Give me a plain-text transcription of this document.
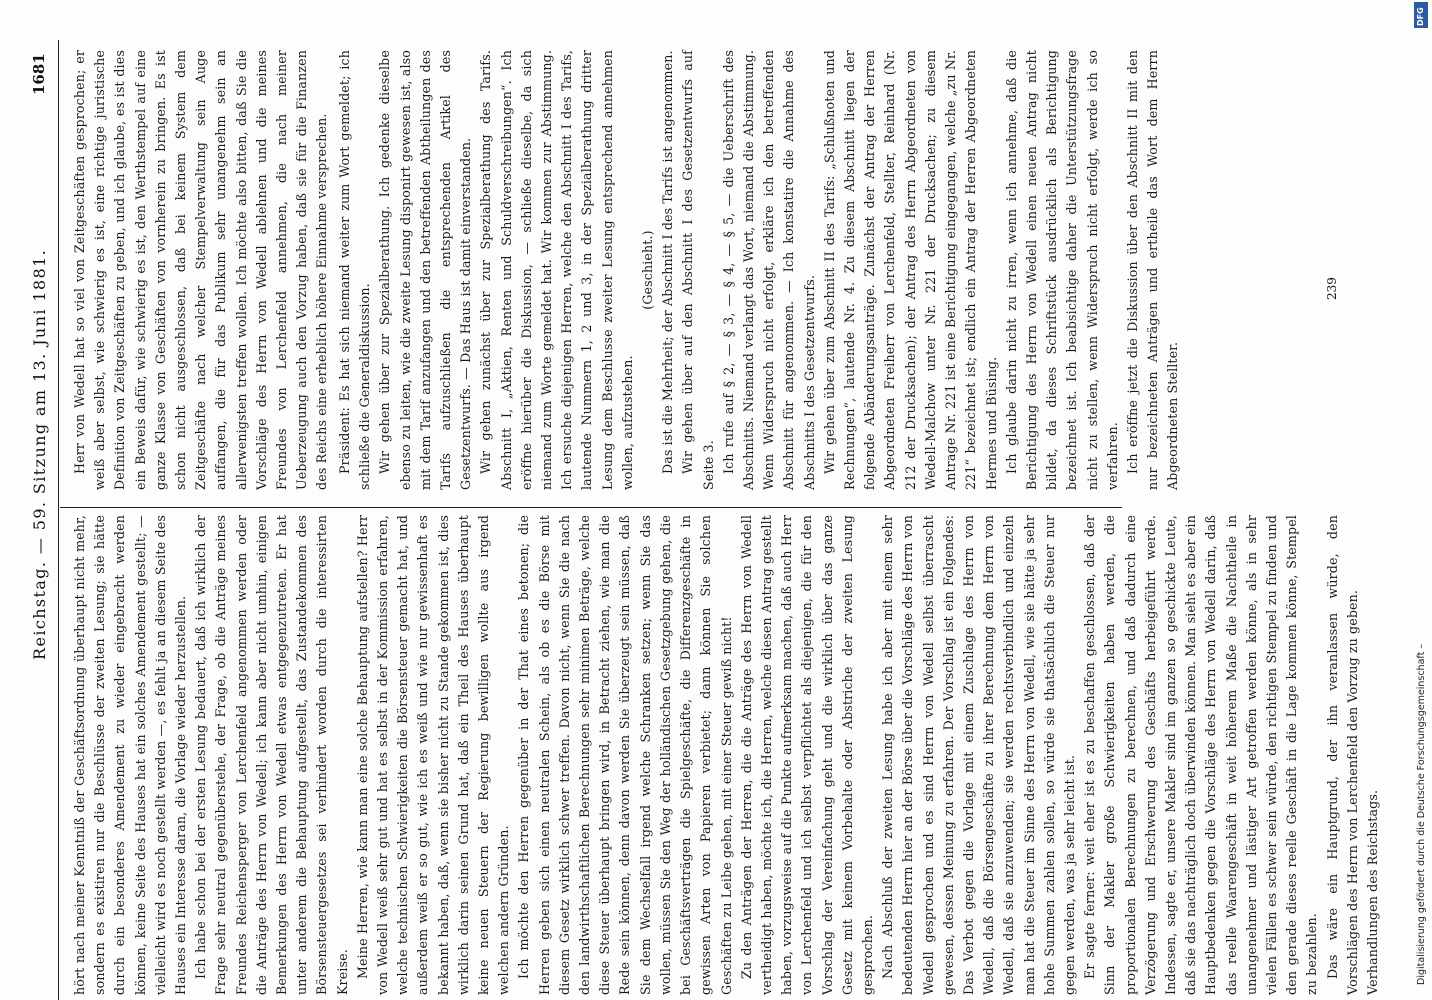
Reichstag. — 59. Sitzung am 13. Juni 1881.
1681

hört nach meiner Kenntniß der Geschäftsordnung überhaupt nicht mehr, sondern es existiren nur die Beschlüsse der zweiten Lesung; sie hätte durch ein besonderes Amendement zu wieder eingebracht werden können, keine Seite des Hauses hat ein solches Amendement gestellt; — vielleicht wird es noch gestellt werden —, es fehlt ja an diesem Seite des Hauses ein Interesse daran, die Vorlage wieder herzustellen. Ich habe schon bei der ersten Lesung bedauert, daß ich wirklich der Frage sehr neutral gegenüberstehe, der Frage, ob die Anträge meines Freundes Reichensperger von Lerchenfeld angenommen werden oder die Anträge des Herrn von Wedell; ich kann aber nicht umhin, einigen Bemerkungen des Herrn von Wedell etwas entgegenzutreten. Er hat unter anderem die Behauptung aufgestellt, das Zustandekommen des Börsensteuergesetzes sei verhindert worden durch die interessirten Kreise. Meine Herren, wie kann man eine solche Behauptung aufstellen? Herr von Wedell weiß sehr gut und hat es selbst in der Kommission erfahren, welche technischen Schwierigkeiten die Börsensteuer gemacht hat, und außerdem weiß er so gut, wie ich es weiß und wie nur gewissenhaft es bekannt haben, daß, wenn sie bisher nicht zu Stande gekommen ist, dies wirklich darin seinen Grund hat, daß ein Theil des Hauses überhaupt keine neuen Steuern der Regierung bewilligen wollte aus irgend welchen andern Gründen. Ich möchte den Herren gegenüber in der That eines betonen; die Herren geben sich einen neutralen Schein, als ob es die Börse mit diesem Gesetz wirklich schwer treffen. Davon nicht, wenn Sie die nach den landwirthschaftlichen Berechnungen sehr minimen Beträge, welche diese Steuer überhaupt bringen wird, in Betracht ziehen, wie man die Rede sein können, denn davon werden Sie überzeugt sein müssen, daß Sie dem Wechselfall irgend welche Schranken setzen; wenn Sie das wollen, müssen Sie den Weg der holländischen Gesetzgebung gehen, die bei Geschäftsverträgen die Spielgeschäfte, die Differenzgeschäfte in gewissen Arten von Papieren verbietet; dann können Sie solchen Geschäften zu Leibe gehen, mit einer Steuer gewiß nicht! Zu den Anträgen der Herren, die die Anträge des Herrn von Wedell vertheidigt haben, möchte ich, die Herren, welche diesen Antrag gestellt haben, vorzugsweise auf die Punkte aufmerksam machen, daß auch Herr von Lerchenfeld und ich selbst verpflichtet als diejenigen, die für den Vorschlag der Vereinfachung geht und die wirklich über das ganze Gesetz mit keinem Vorbehalte oder Abstriche der zweiten Lesung gesprochen. Nach Abschluß der zweiten Lesung habe ich aber mit einem sehr bedeutenden Herrn hier an der Börse über die Vorschläge des Herrn von Wedell gesprochen und es sind Herrn von Wedell selbst überrascht gewesen, dessen Meinung zu erfahren. Der Vorschlag ist ein Folgendes: Das Verbot gegen die Vorlage mit einem Zuschlage des Herrn von Wedell, daß die Börsengeschäfte zu ihrer Berechnung dem Herrn von Wedell, daß sie anzuwenden; sie werden rechtsverbindlich und einzeln man hat die Steuer im Sinne des Herrn von Wedell, wie sie hätte ja sehr hohe Summen zahlen sollen, so würde sie thatsächlich die Steuer nur gegen werden, was ja sehr leicht ist. Er sagte ferner: weit eher ist es zu beschaffen geschlossen, daß der Sinn der Makler große Schwierigkeiten haben werden, die proportionalen Berechnungen zu berechnen, und daß dadurch eine Verzögerung und Erschwerung des Geschäfts herbeigeführt werde. Indessen, sagte er, unsere Makler sind im ganzen so geschickte Leute, daß sie das nachträglich doch überwinden können. Man sieht es aber ein Hauptbedenken gegen die Vorschläge des Herrn von Wedell darin, daß das reelle Waarengeschäft in weit höherem Maße die Nachtheile in unangenehmer und lästiger Art getroffen werden könne, als in sehr vielen Fällen es schwer sein würde, den richtigen Stempel zu finden und den gerade dieses reelle Geschäft in die Lage kommen könne, Stempel zu bezahlen. Das wäre ein Hauptgrund, der ihn veranlassen würde, den Vorschlägen des Herrn von Lerchenfeld den Vorzug zu geben. Verhandlungen des Reichstags.

Herr von Wedell hat so viel von Zeitgeschäften gesprochen; er weiß aber selbst, wie schwierig es ist, eine richtige juristische Definition von Zeitgeschäften zu geben, und ich glaube, es ist dies ein Beweis dafür, wie schwierig es ist, den Werthstempel auf eine ganze Klasse von Geschäften von vornherein zu bringen. Es ist schon nicht ausgeschlossen, daß bei keinem System dem Zeitgeschäfte nach welcher Stempelverwaltung sein Auge auffangen, die für das Publikum sehr unangenehm sein an allerwenigsten treffen wollen. Ich möchte also bitten, daß Sie die Vorschläge des Herrn von Wedell ablehnen und die meines Freundes von Lerchenfeld annehmen, die nach meiner Ueberzeugung auch den Vorzug haben, daß sie für die Finanzen des Reichs eine erheblich höhere Einnahme versprechen. Präsident: Es hat sich niemand weiter zum Wort gemeldet; ich schließe die Generaldiskussion. Wir gehen über zur Spezialberathung. Ich gedenke dieselbe ebenso zu leiten, wie die zweite Lesung disponirt gewesen ist, also mit dem Tarif anzufangen und den betreffenden Abtheilungen des Tarifs aufzuschließen die entsprechenden Artikel des Gesetzentwurfs. — Das Haus ist damit einverstanden. Wir gehen zunächst über zur Spezialberathung des Tarifs. Abschnitt I, „Aktien, Renten und Schuldverschreibungen“. Ich eröffne hierüber die Diskussion, — schließe dieselbe, da sich niemand zum Worte gemeldet hat. Wir kommen zur Abstimmung. Ich ersuche diejenigen Herren, welche den Abschnitt I des Tarifs, lautende Nummern 1, 2 und 3, in der Spezialberathung dritter Lesung dem Beschlusse zweiter Lesung entsprechend annehmen wollen, aufzustehen.

(Geschieht.) Das ist die Mehrheit; der Abschnitt I des Tarifs ist angenommen. Wir gehen über auf den Abschnitt I des Gesetzentwurfs auf Seite 3. Ich rufe auf § 2, — § 3, — § 4, — § 5, — die Ueberschrift des Abschnitts. Niemand verlangt das Wort, niemand die Abstimmung. Wenn Widerspruch nicht erfolgt, erkläre ich den betreffenden Abschnitt für angenommen. — Ich konstatire die Annahme des Abschnitts I des Gesetzentwurfs. Wir gehen über zum Abschnitt II des Tarifs: „Schlußnoten und Rechnungen“, lautende Nr. 4. Zu diesem Abschnitt liegen der folgende Abänderungsanträge. Zunächst der Antrag der Herren Abgeordneten Freiherr von Lerchenfeld, Stellter, Reinhard (Nr. 212 der Drucksachen); der Antrag des Herrn Abgeordneten von Wedell-Malchow unter Nr. 221 der Drucksachen; zu diesem Antrage Nr. 221 ist eine Berichtigung eingegangen, welche „zu Nr. 221“ bezeichnet ist; endlich ein Antrag der Herren Abgeordneten Hermes und Büsing. Ich glaube darin nicht zu irren, wenn ich annehme, daß die Berichtigung des Herrn von Wedell einen neuen Antrag nicht bildet, da dieses Schriftstück ausdrücklich als Berichtigung bezeichnet ist. Ich beabsichtige daher die Unterstützungsfrage nicht zu stellen, wenn Widerspruch nicht erfolgt, werde ich so verfahren. Ich eröffne jetzt die Diskussion über den Abschnitt II mit den nur bezeichneten Anträgen und ertheile das Wort dem Herrn Abgeordneten Stellter.

239
Digitalisierung gefördert durch die Deutsche Forschungsgemeinschaft –
DFG
